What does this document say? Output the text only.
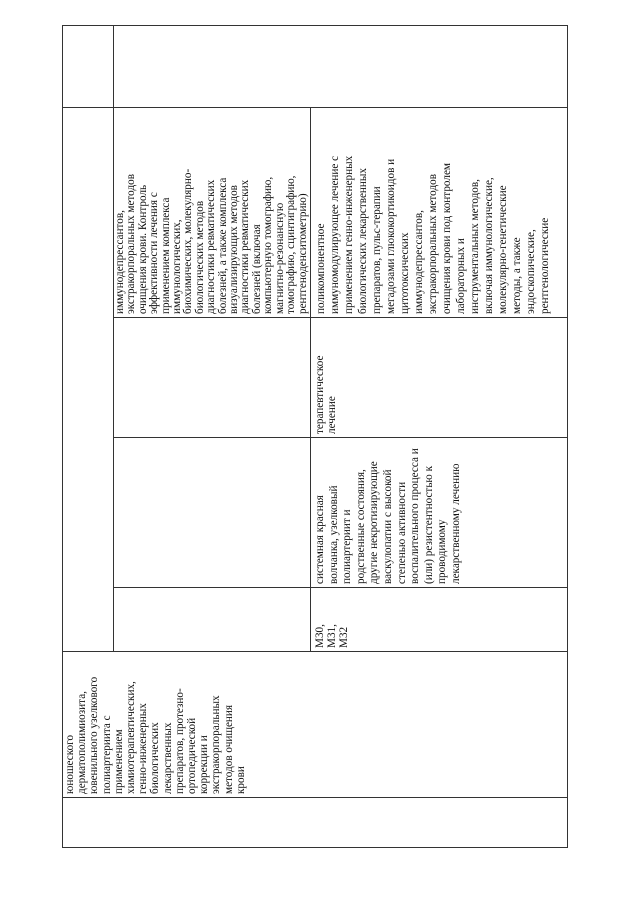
юношеского дерматополимиозита, ювенильного узелкового полиартериита с применением химиотерапевтических, генно-инженерных биологических лекарственных препаратов, протезно- ортопедической коррекции и экстракорпоральных методов очищения крови
иммунодепрессантов, экстракорпоральных методов очищения крови. Контроль эффективности лечения с применением комплекса иммунологических, биохимических, молекулярно- биологических методов диагностики ревматических болезней, а также комплекса визуализирующих методов диагностики ревматических болезней (включая компьютерную томографию, магнитно-резонансную томографию, сцинтиграфию, рентгеноденситометрию)
M30, M31, M32
системная красная волчанка, узелковый полиартериит и родственные состояния, другие некротизирующие васкулопатии с высокой степенью активности воспалительного процесса и (или) резистентностью к проводимому лекарственному лечению
терапевтическое лечение
поликомпонентное иммуномодулирующее лечение с применением генно-инженерных биологических лекарственных препаратов, пульс-терапии мегадозами глюкокортикоидов и цитотоксических иммунодепрессантов, экстракорпоральных методов очищения крови под контролем лабораторных и инструментальных методов, включая иммунологические, молекулярно-генетические методы, а также эндоскопические, рентгенологические
